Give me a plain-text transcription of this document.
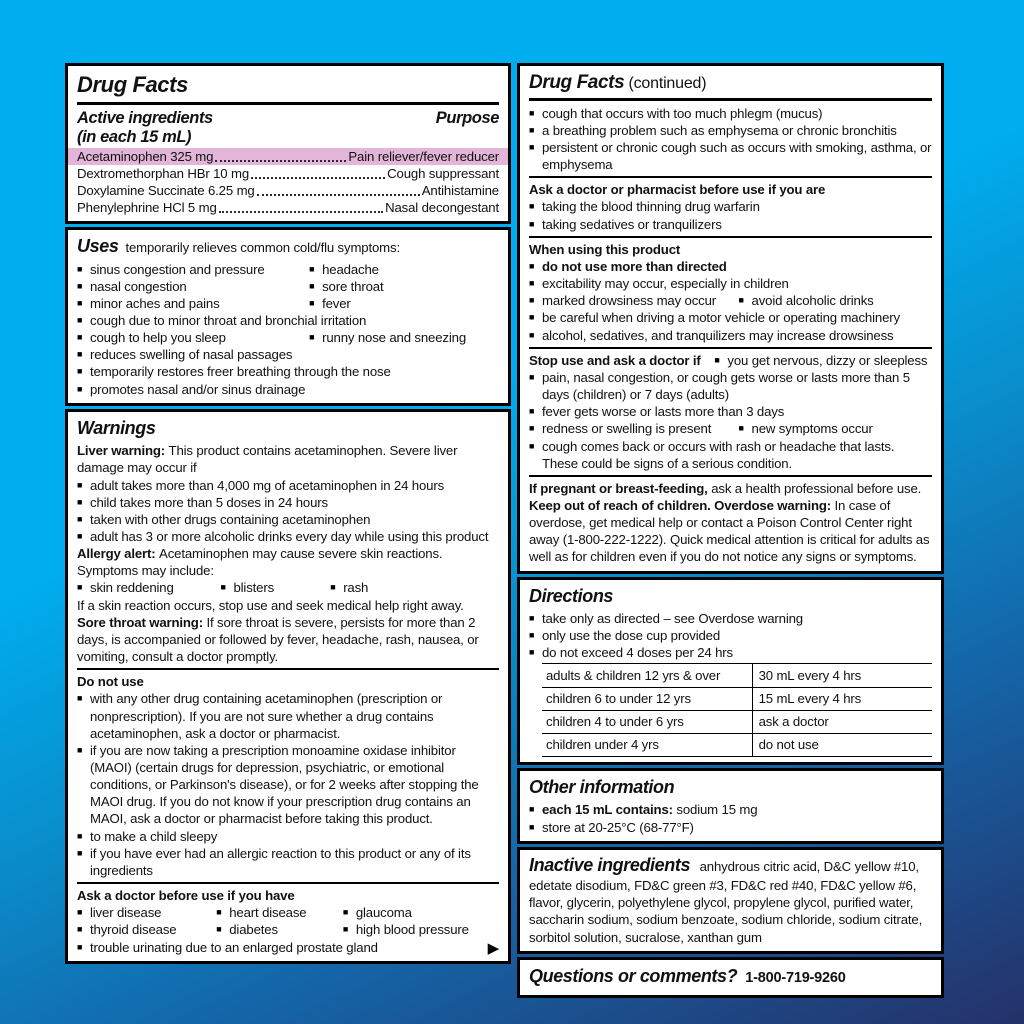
Drug Facts
Active ingredients
(in each 15 mL)
Purpose
Acetaminophen 325 mg	Pain reliever/fever reducer
Dextromethorphan HBr 10 mg	Cough suppressant
Doxylamine Succinate 6.25 mg	Antihistamine
Phenylephrine HCl 5 mg	Nasal decongestant
Uses temporarily relieves common cold/flu symptoms:
■ sinus congestion and pressure	■ headache
■ nasal congestion	■ sore throat
■ minor aches and pains	■ fever
■ cough due to minor throat and bronchial irritation
■ cough to help you sleep	■ runny nose and sneezing
■ reduces swelling of nasal passages
■ temporarily restores freer breathing through the nose
■ promotes nasal and/or sinus drainage
Warnings
Liver warning: This product contains acetaminophen. Severe liver damage may occur if
■ adult takes more than 4,000 mg of acetaminophen in 24 hours
■ child takes more than 5 doses in 24 hours
■ taken with other drugs containing acetaminophen
■ adult has 3 or more alcoholic drinks every day while using this product
Allergy alert: Acetaminophen may cause severe skin reactions. Symptoms may include:
■ skin reddening	■ blisters	■ rash
If a skin reaction occurs, stop use and seek medical help right away.
Sore throat warning: If sore throat is severe, persists for more than 2 days, is accompanied or followed by fever, headache, rash, nausea, or vomiting, consult a doctor promptly.
Do not use
■ with any other drug containing acetaminophen (prescription or nonprescription). If you are not sure whether a drug contains acetaminophen, ask a doctor or pharmacist.
■ if you are now taking a prescription monoamine oxidase inhibitor (MAOI) (certain drugs for depression, psychiatric, or emotional conditions, or Parkinson's disease), or for 2 weeks after stopping the MAOI drug. If you do not know if your prescription drug contains an MAOI, ask a doctor or pharmacist before taking this product.
■ to make a child sleepy
■ if you have ever had an allergic reaction to this product or any of its ingredients
Ask a doctor before use if you have
■ liver disease	■ heart disease	■ glaucoma
■ thyroid disease	■ diabetes	■ high blood pressure
■ trouble urinating due to an enlarged prostate gland	▶
Drug Facts (continued)
■ cough that occurs with too much phlegm (mucus)
■ a breathing problem such as emphysema or chronic bronchitis
■ persistent or chronic cough such as occurs with smoking, asthma, or emphysema
Ask a doctor or pharmacist before use if you are
■ taking the blood thinning drug warfarin
■ taking sedatives or tranquilizers
When using this product
■ do not use more than directed
■ excitability may occur, especially in children
■ marked drowsiness may occur	■ avoid alcoholic drinks
■ be careful when driving a motor vehicle or operating machinery
■ alcohol, sedatives, and tranquilizers may increase drowsiness
Stop use and ask a doctor if	■ you get nervous, dizzy or sleepless
■ pain, nasal congestion, or cough gets worse or lasts more than 5 days (children) or 7 days (adults)
■ fever gets worse or lasts more than 3 days
■ redness or swelling is present	■ new symptoms occur
■ cough comes back or occurs with rash or headache that lasts. These could be signs of a serious condition.
If pregnant or breast-feeding, ask a health professional before use.
Keep out of reach of children. Overdose warning: In case of overdose, get medical help or contact a Poison Control Center right away (1-800-222-1222). Quick medical attention is critical for adults as well as for children even if you do not notice any signs or symptoms.
Directions
■ take only as directed – see Overdose warning
■ only use the dose cup provided
■ do not exceed 4 doses per 24 hrs
adults & children 12 yrs & over	30 mL every 4 hrs
children 6 to under 12 yrs	15 mL every 4 hrs
children 4 to under 6 yrs	ask a doctor
children under 4 yrs	do not use
Other information
■ each 15 mL contains: sodium 15 mg
■ store at 20-25°C (68-77°F)
Inactive ingredients anhydrous citric acid, D&C yellow #10, edetate disodium, FD&C green #3, FD&C red #40, FD&C yellow #6, flavor, glycerin, polyethylene glycol, propylene glycol, purified water, saccharin sodium, sodium benzoate, sodium chloride, sodium citrate, sorbitol solution, sucralose, xanthan gum
Questions or comments? 1-800-719-9260
